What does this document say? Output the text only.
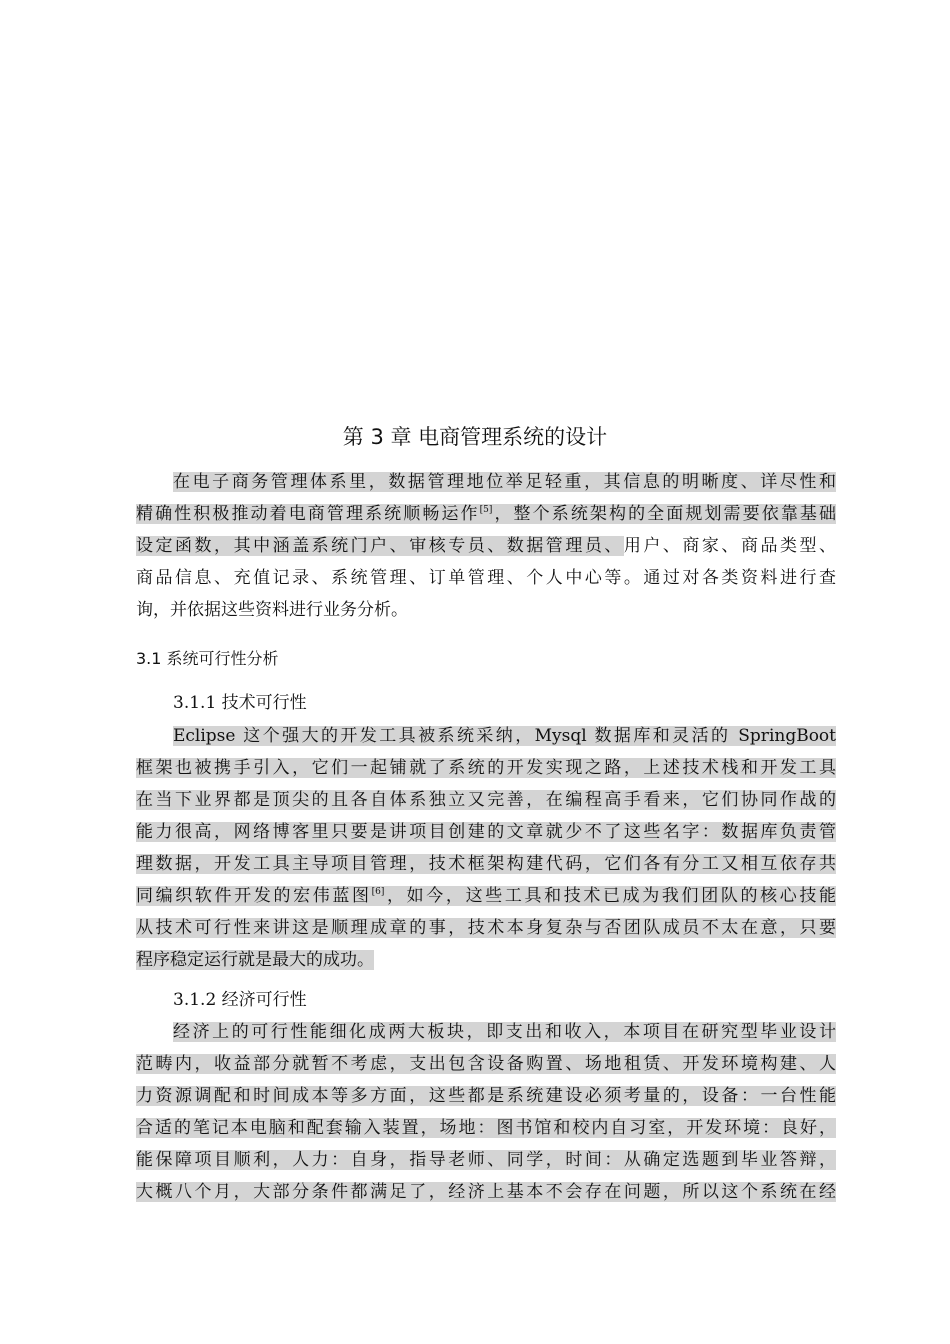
第 3 章 电商管理系统的设计
在电子商务管理体系里，数据管理地位举足轻重，其信息的明晰度、详尽性和
精确性积极推动着电商管理系统顺畅运作[5]，整个系统架构的全面规划需要依靠基础
设定函数，其中涵盖系统门户、审核专员、数据管理员、用户、商家、商品类型、
商品信息、充值记录、系统管理、订单管理、个人中心等。通过对各类资料进行查
询，并依据这些资料进行业务分析。
3.1 系统可行性分析
3.1.1 技术可行性
Eclipse 这个强大的开发工具被系统采纳，Mysql 数据库和灵活的 SpringBoot
框架也被携手引入，它们一起铺就了系统的开发实现之路，上述技术栈和开发工具
在当下业界都是顶尖的且各自体系独立又完善，在编程高手看来，它们协同作战的
能力很高，网络博客里只要是讲项目创建的文章就少不了这些名字：数据库负责管
理数据，开发工具主导项目管理，技术框架构建代码，它们各有分工又相互依存共
同编织软件开发的宏伟蓝图[6]，如今，这些工具和技术已成为我们团队的核心技能
从技术可行性来讲这是顺理成章的事，技术本身复杂与否团队成员不太在意，只要
程序稳定运行就是最大的成功。
3.1.2 经济可行性
经济上的可行性能细化成两大板块，即支出和收入，本项目在研究型毕业设计
范畴内，收益部分就暂不考虑，支出包含设备购置、场地租赁、开发环境构建、人
力资源调配和时间成本等多方面，这些都是系统建设必须考量的，设备：一台性能
合适的笔记本电脑和配套输入装置，场地：图书馆和校内自习室，开发环境：良好，
能保障项目顺利，人力：自身，指导老师、同学，时间：从确定选题到毕业答辩，
大概八个月，大部分条件都满足了，经济上基本不会存在问题，所以这个系统在经
